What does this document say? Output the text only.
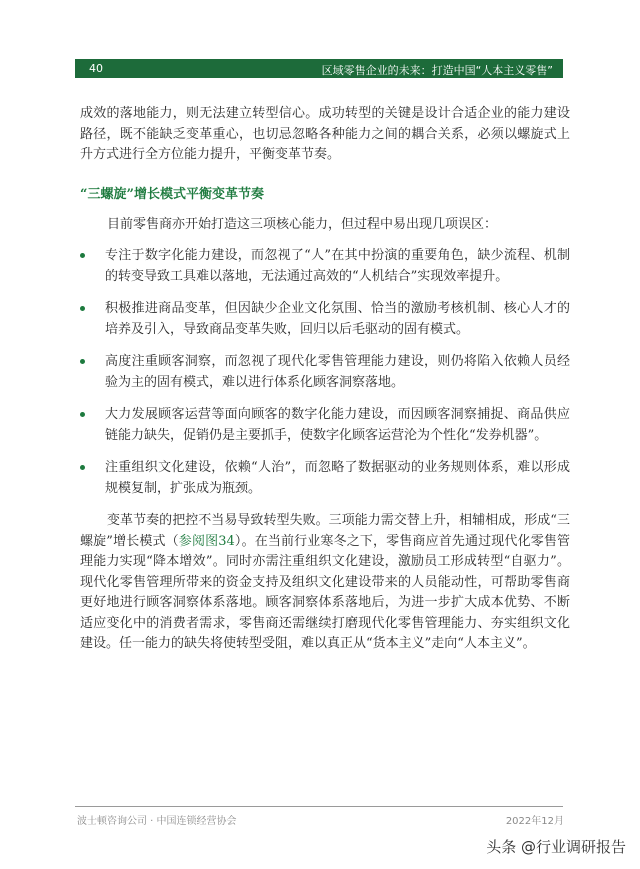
40	区域零售企业的未来：打造中国“人本主义零售”

成效的落地能力，则无法建立转型信心。成功转型的关键是设计合适企业的能力建设路径，既不能缺乏变革重心，也切忌忽略各种能力之间的耦合关系，必须以螺旋式上升方式进行全方位能力提升，平衡变革节奏。

“三螺旋”增长模式平衡变革节奏

目前零售商亦开始打造这三项核心能力，但过程中易出现几项误区：

专注于数字化能力建设，而忽视了“人”在其中扮演的重要角色，缺少流程、机制的转变导致工具难以落地，无法通过高效的“人机结合”实现效率提升。
积极推进商品变革，但因缺少企业文化氛围、恰当的激励考核机制、核心人才的培养及引入，导致商品变革失败，回归以后毛驱动的固有模式。
高度注重顾客洞察，而忽视了现代化零售管理能力建设，则仍将陷入依赖人员经验为主的固有模式，难以进行体系化顾客洞察落地。
大力发展顾客运营等面向顾客的数字化能力建设，而因顾客洞察捕捉、商品供应链能力缺失，促销仍是主要抓手，使数字化顾客运营沦为个性化“发券机器”。
注重组织文化建设，依赖“人治”，而忽略了数据驱动的业务规则体系，难以形成规模复制，扩张成为瓶颈。

变革节奏的把控不当易导致转型失败。三项能力需交替上升，相辅相成，形成“三螺旋”增长模式（参阅图34）。在当前行业寒冬之下，零售商应首先通过现代化零售管理能力实现“降本增效”。同时亦需注重组织文化建设，激励员工形成转型“自驱力”。现代化零售管理所带来的资金支持及组织文化建设带来的人员能动性，可帮助零售商更好地进行顾客洞察体系落地。顾客洞察体系落地后，为进一步扩大成本优势、不断适应变化中的消费者需求，零售商还需继续打磨现代化零售管理能力、夯实组织文化建设。任一能力的缺失将使转型受阻，难以真正从“货本主义”走向“人本主义”。

波士顿咨询公司 · 中国连锁经营协会	2022年12月
头条 @行业调研报告
